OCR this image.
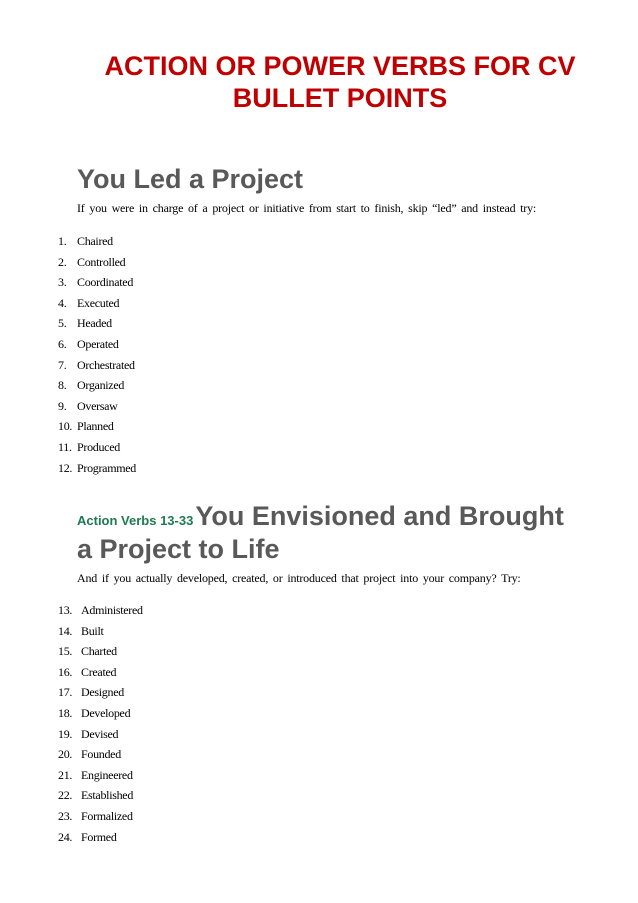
ACTION OR POWER VERBS FOR CV
BULLET POINTS
You Led a Project
If you were in charge of a project or initiative from start to finish, skip “led” and instead try:
1. Chaired
2. Controlled
3. Coordinated
4. Executed
5. Headed
6. Operated
7. Orchestrated
8. Organized
9. Oversaw
10. Planned
11. Produced
12. Programmed
Action Verbs 13-33You Envisioned and Brought
a Project to Life
And if you actually developed, created, or introduced that project into your company? Try:
13. Administered
14. Built
15. Charted
16. Created
17. Designed
18. Developed
19. Devised
20. Founded
21. Engineered
22. Established
23. Formalized
24. Formed
